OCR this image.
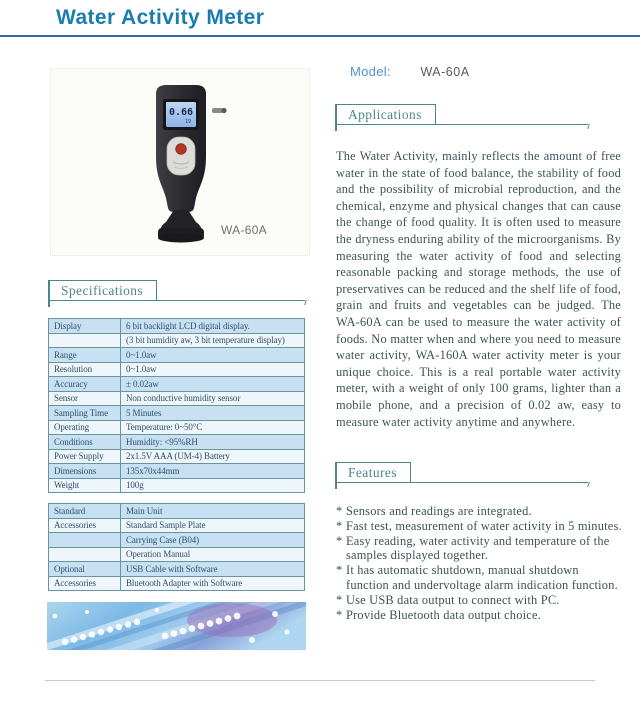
Water Activity Meter
0.66
19
WA-60A
Specifications
Display	6 bit backlight LCD digital display.
	(3 bit humidity aw, 3 bit temperature display)
Range	0~1.0aw
Resolution	0~1.0aw
Accuracy	± 0.02aw
Sensor	Non conductive humidity sensor
Sampling Time	5 Minutes
Operating	Temperature: 0~50°C
Conditions	Humidity: <95%RH
Power Supply	2x1.5V AAA (UM-4) Battery
Dimensions	135x70x44mm
Weight	100g
Standard	Main Unit
Accessories	Standard Sample Plate
	Carrying Case (B04)
	Operation Manual
Optional	USB Cable with Software
Accessories	Bluetooth Adapter with Software
Model: WA-60A
Applications
The Water Activity, mainly reflects the amount of free water in the state of food balance, the stability of food and the possibility of microbial reproduction, and the chemical, enzyme and physical changes that can cause the change of food quality. It is often used to measure the dryness enduring ability of the microorganisms. By measuring the water activity of food and selecting reasonable packing and storage methods, the use of preservatives can be reduced and the shelf life of food, grain and fruits and vegetables can be judged. The WA-60A can be used to measure the water activity of foods. No matter when and where you need to measure water activity, WA-160A water activity meter is your unique choice. This is a real portable water activity meter, with a weight of only 100 grams, lighter than a mobile phone, and a precision of 0.02 aw, easy to measure water activity anytime and anywhere.
Features
* Sensors and readings are integrated.
* Fast test, measurement of water activity in 5 minutes.
* Easy reading, water activity and temperature of the samples displayed together.
* It has automatic shutdown, manual shutdown function and undervoltage alarm indication function.
* Use USB data output to connect with PC.
* Provide Bluetooth data output choice.
